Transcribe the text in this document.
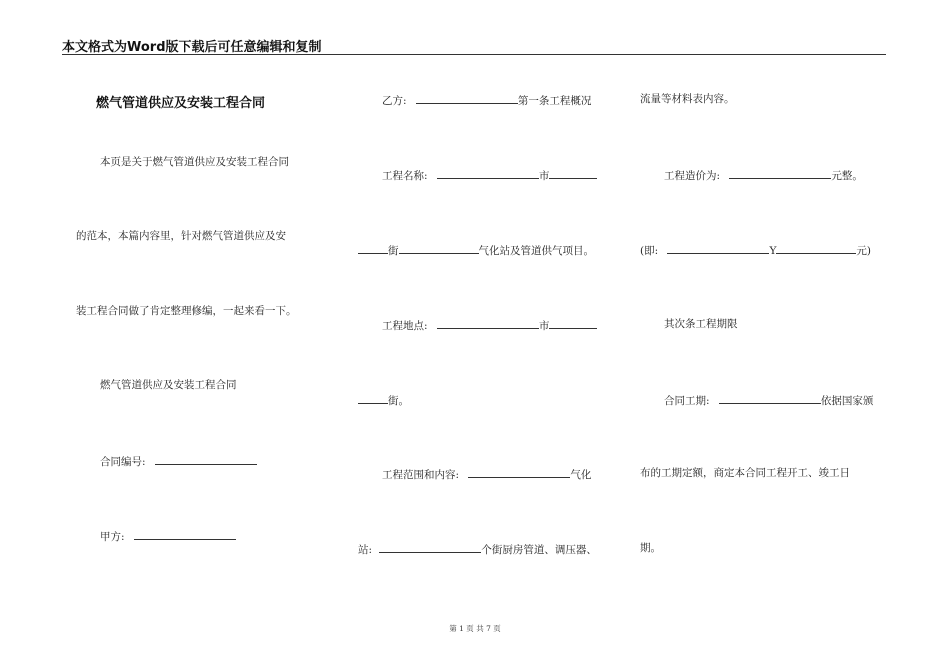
本文格式为Word版下载后可任意编辑和复制
燃气管道供应及安装工程合同
本页是关于燃气管道供应及安装工程合同
的范本，本篇内容里，针对燃气管道供应及安
装工程合同做了肯定整理修编，一起来看一下。
燃气管道供应及安装工程合同
合同编号:
甲方:
乙方:	第一条工程概况
工程名称:	市
街	气化站及管道供气项目。
工程地点:	市
街。
工程范围和内容:	气化
站:	个街厨房管道、调压器、
流量等材料表内容。
工程造价为:	元整。
(即:	Y	元)
其次条工程期限
合同工期:	依据国家颁
布的工期定额，商定本合同工程开工、竣工日
期。
第 1 页 共 7 页
